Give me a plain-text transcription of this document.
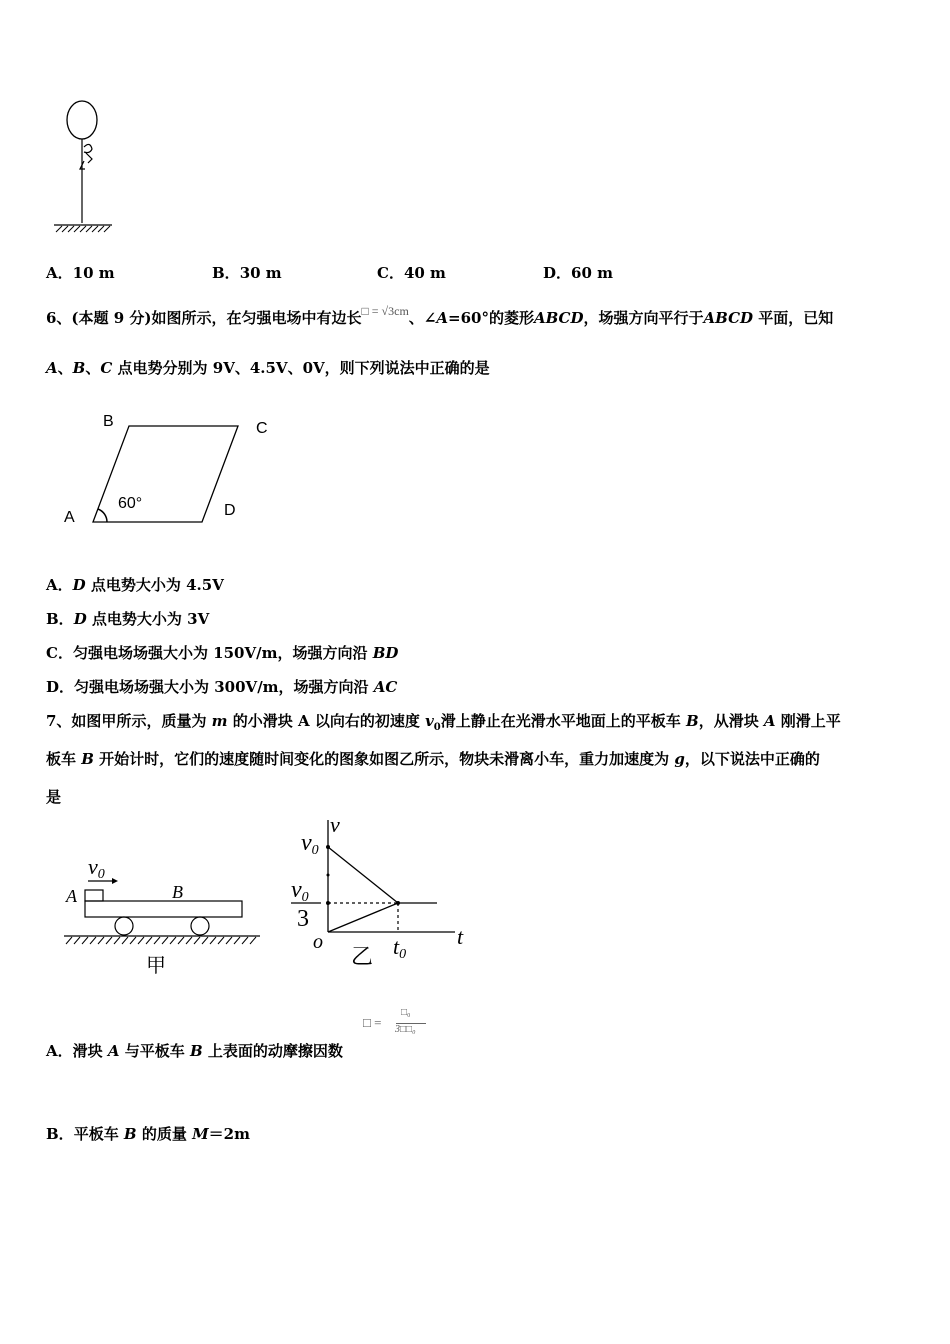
A．10 m	B．30 m	C．40 m	D．60 m
6、(本题 9 分)如图所示，在匀强电场中有边长$^{□ = √3cm}$、∠A=60°的菱形ABCD，场强方向平行于ABCD 平面，已知
A、B、C 点电势分别为 9V、4.5V、0V，则下列说法中正确的是
B	C
A	D
60°
A．D 点电势大小为 4.5V
B．D 点电势大小为 3V
C．匀强电场场强大小为 150V/m，场强方向沿 BD
D．匀强电场场强大小为 300V/m，场强方向沿 AC
7、如图甲所示，质量为 m 的小滑块 A 以向右的初速度 $v_0$滑上静止在光滑水平地面上的平板车 B，从滑块 A 刚滑上平
板车 B 开始计时，它们的速度随时间变化的图象如图乙所示，物块未滑离小车，重力加速度为 g，以下说法中正确的
是
v0
A	B
甲
v
v0
v0
3
o	t0
t
乙
□ =
□₀
3□□₀
A．滑块 A 与平板车 B 上表面的动摩擦因数
B．平板车 B 的质量 M＝2m
